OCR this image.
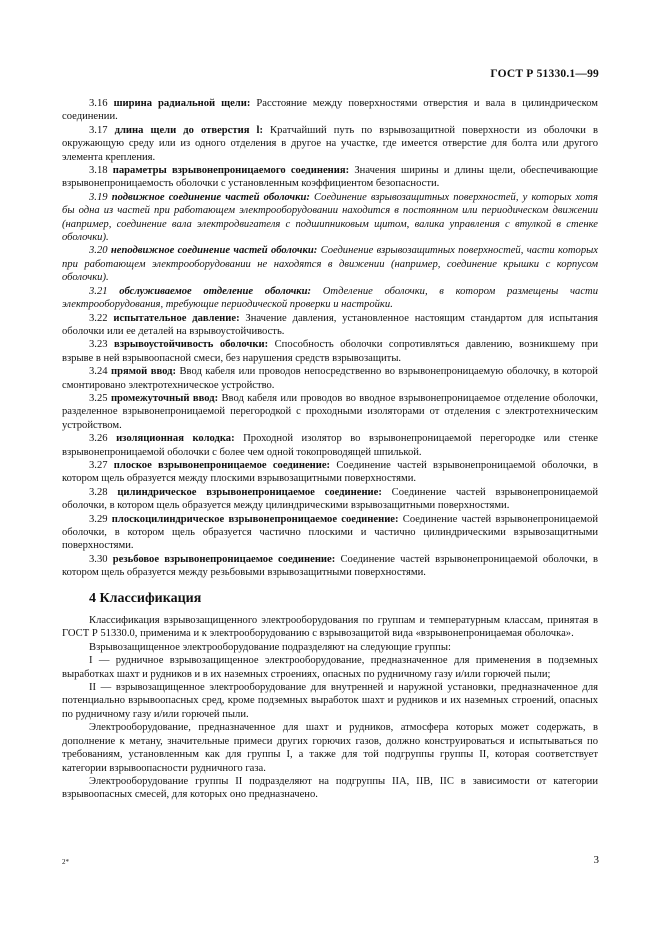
ГОСТ Р 51330.1—99

3.16 ширина радиальной щели: Расстояние между поверхностями отверстия и вала в цилиндрическом соединении.

3.17 длина щели до отверстия l: Кратчайший путь по взрывозащитной поверхности из оболочки в окружающую среду или из одного отделения в другое на участке, где имеется отверстие для болта или другого элемента крепления.

3.18 параметры взрывонепроницаемого соединения: Значения ширины и длины щели, обеспечивающие взрывонепроницаемость оболочки с установленным коэффициентом безопасности.

3.19 подвижное соединение частей оболочки: Соединение взрывозащитных поверхностей, у которых хотя бы одна из частей при работающем электрооборудовании находится в постоянном или периодическом движении (например, соединение вала электродвигателя с подшипниковым щитом, валика управления с втулкой в стенке оболочки).

3.20 неподвижное соединение частей оболочки: Соединение взрывозащитных поверхностей, части которых при работающем электрооборудовании не находятся в движении (например, соединение крышки с корпусом оболочки).

3.21 обслуживаемое отделение оболочки: Отделение оболочки, в котором размещены части электрооборудования, требующие периодической проверки и настройки.

3.22 испытательное давление: Значение давления, установленное настоящим стандартом для испытания оболочки или ее деталей на взрывоустойчивость.

3.23 взрывоустойчивость оболочки: Способность оболочки сопротивляться давлению, возникшему при взрыве в ней взрывоопасной смеси, без нарушения средств взрывозащиты.

3.24 прямой ввод: Ввод кабеля или проводов непосредственно во взрывонепроницаемую оболочку, в которой смонтировано электротехническое устройство.

3.25 промежуточный ввод: Ввод кабеля или проводов во вводное взрывонепроницаемое отделение оболочки, разделенное взрывонепроницаемой перегородкой с проходными изоляторами от отделения с электротехническим устройством.

3.26 изоляционная колодка: Проходной изолятор во взрывонепроницаемой перегородке или стенке взрывонепроницаемой оболочки с более чем одной токопроводящей шпилькой.

3.27 плоское взрывонепроницаемое соединение: Соединение частей взрывонепроницаемой оболочки, в котором щель образуется между плоскими взрывозащитными поверхностями.

3.28 цилиндрическое взрывонепроницаемое соединение: Соединение частей взрывонепроницаемой оболочки, в котором щель образуется между цилиндрическими взрывозащитными поверхностями.

3.29 плоскоцилиндрическое взрывонепроницаемое соединение: Соединение частей взрывонепроницаемой оболочки, в котором щель образуется частично плоскими и частично цилиндрическими взрывозащитными поверхностями.

3.30 резьбовое взрывонепроницаемое соединение: Соединение частей взрывонепроницаемой оболочки, в котором щель образуется между резьбовыми взрывозащитными поверхностями.

4 Классификация

Классификация взрывозащищенного электрооборудования по группам и температурным классам, принятая в ГОСТ Р 51330.0, применима и к электрооборудованию с взрывозащитой вида «взрывонепроницаемая оболочка».

Взрывозащищенное электрооборудование подразделяют на следующие группы:

I — рудничное взрывозащищенное электрооборудование, предназначенное для применения в подземных выработках шахт и рудников и в их наземных строениях, опасных по рудничному газу и/или горючей пыли;

II — взрывозащищенное электрооборудование для внутренней и наружной установки, предназначенное для потенциально взрывоопасных сред, кроме подземных выработок шахт и рудников и их наземных строений, опасных по рудничному газу и/или горючей пыли.

Электрооборудование, предназначенное для шахт и рудников, атмосфера которых может содержать, в дополнение к метану, значительные примеси других горючих газов, должно конструироваться и испытываться по требованиям, установленным как для группы I, а также для той подгруппы группы II, которая соответствует категории взрывоопасности рудничного газа.

Электрооборудование группы II подразделяют на подгруппы IIA, IIB, IIC в зависимости от категории взрывоопасных смесей, для которых оно предназначено.

2*	3
